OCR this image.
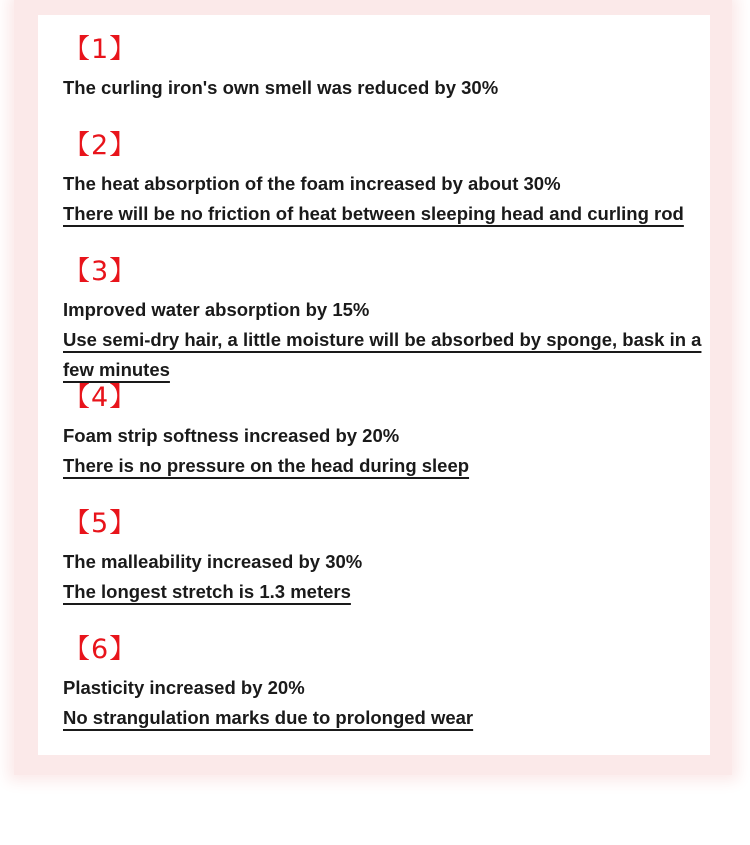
【1】
The curling iron's own smell was reduced by 30%
【2】
The heat absorption of the foam increased by about 30%
There will be no friction of heat between sleeping head and curling rod
【3】
Improved water absorption by 15%
Use semi-dry hair, a little moisture will be absorbed by sponge, bask in a few minutes
【4】
Foam strip softness increased by 20%
There is no pressure on the head during sleep
【5】
The malleability increased by 30%
The longest stretch is 1.3 meters
【6】
Plasticity increased by 20%
No strangulation marks due to prolonged wear
